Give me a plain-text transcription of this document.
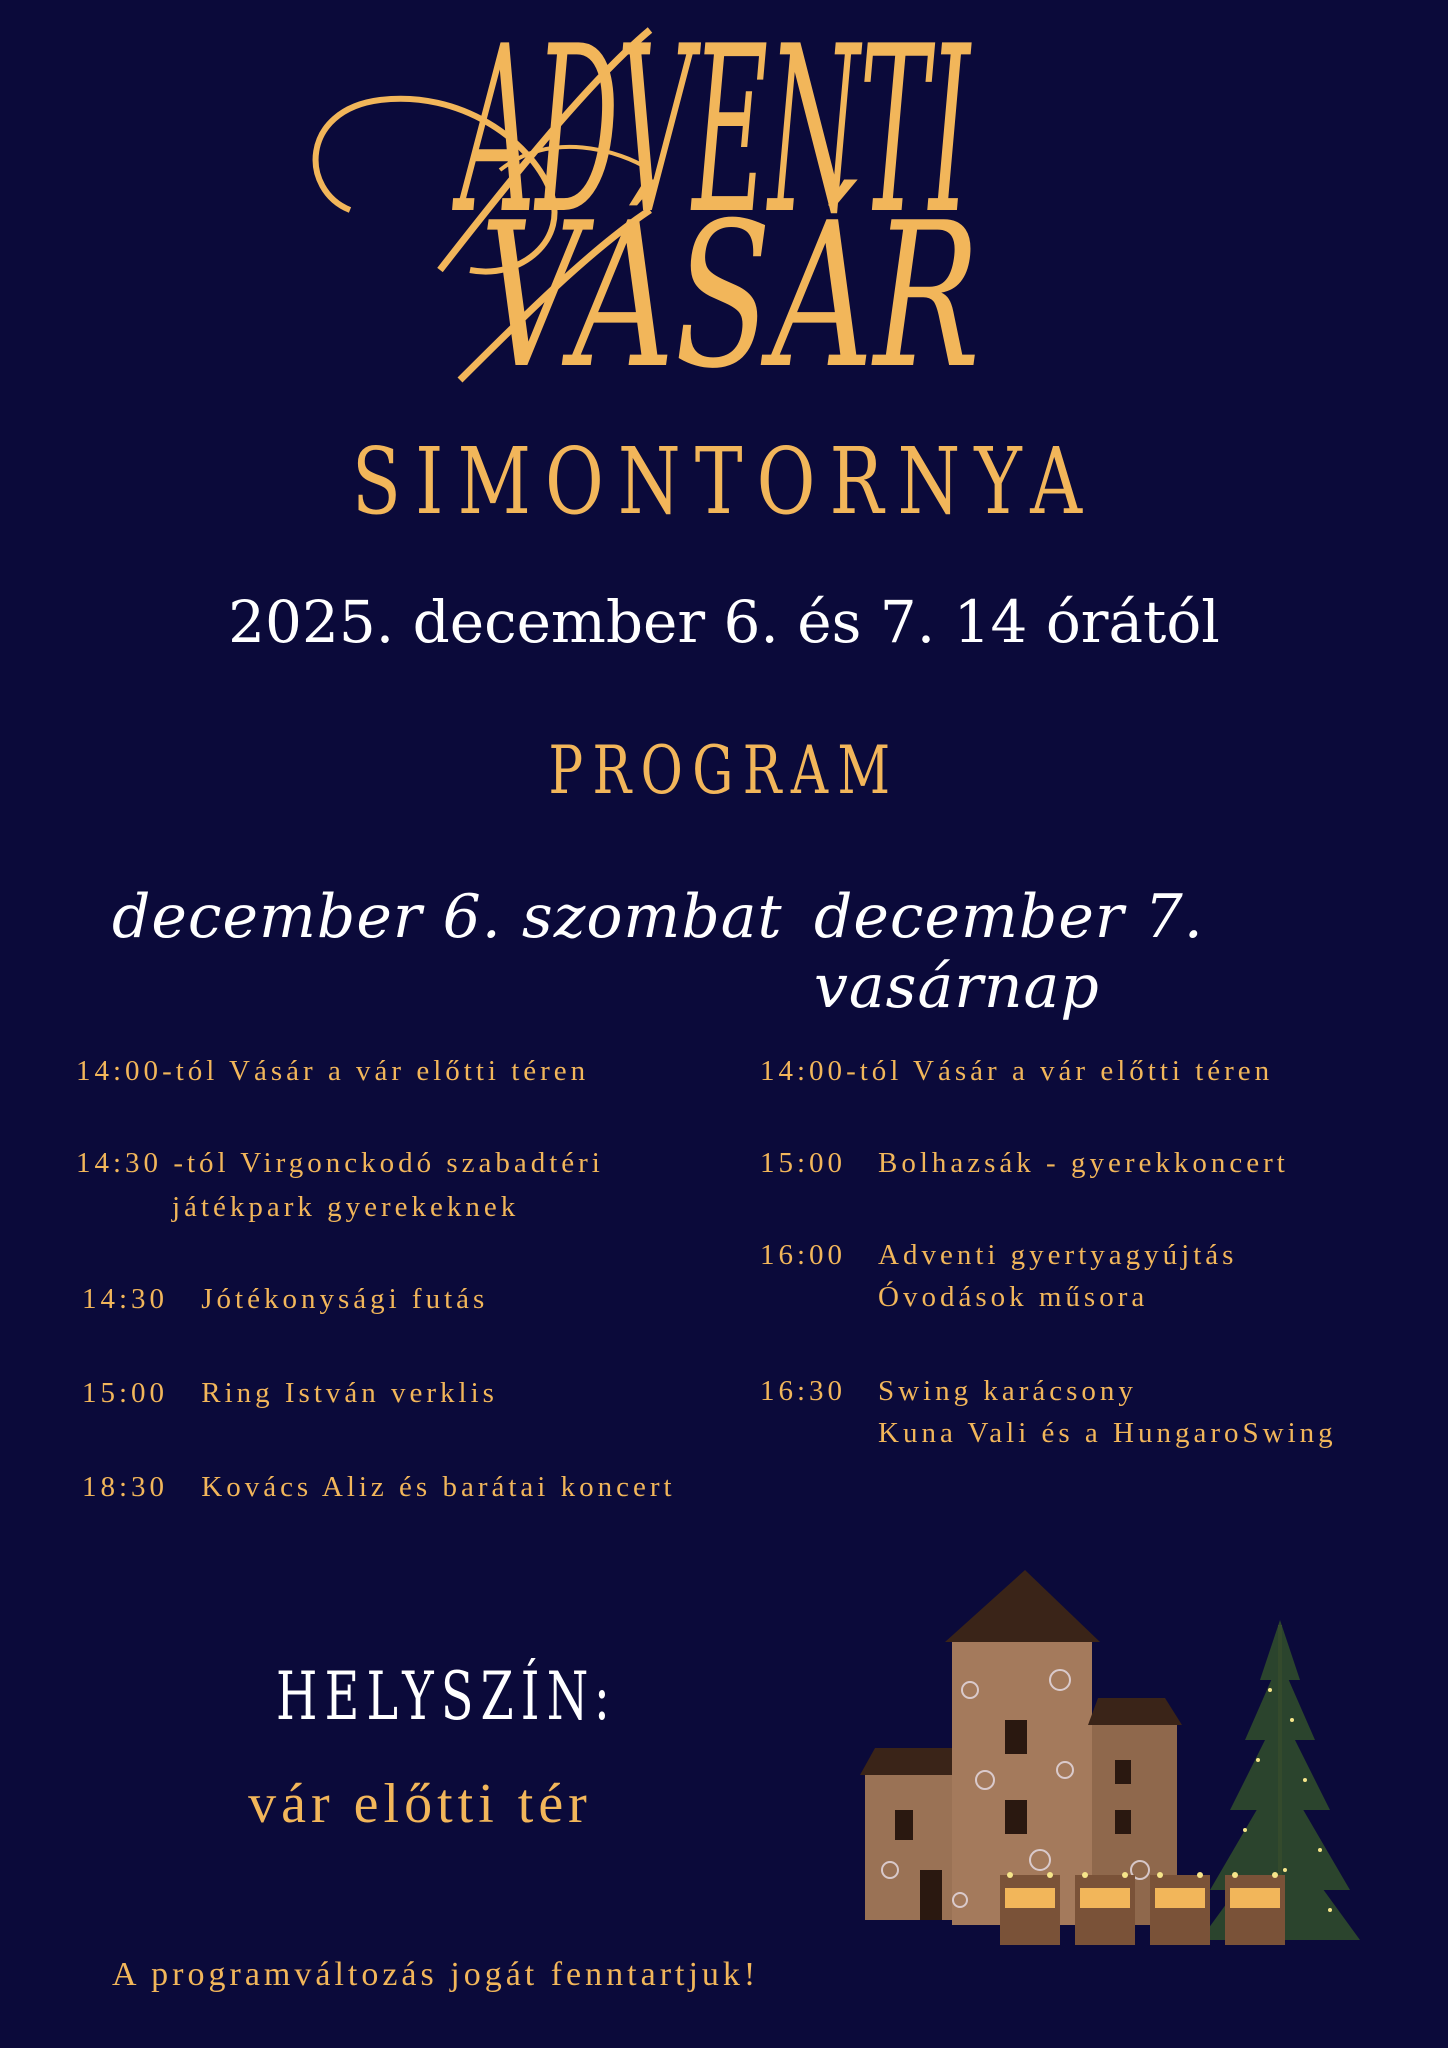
ADVENTI
VÁSÁR
SIMONTORNYA
2025. december 6. és 7. 14 órától
PROGRAM
december 6. szombat december 7. vasárnap
14:00-tól Vásár a vár előtti téren
14:30 -tól Virgonckodó szabadtéri
játékpark gyerekeknek
14:30 Jótékonysági futás
15:00 Ring István verklis
18:30 Kovács Aliz és barátai koncert
14:00-tól Vásár a vár előtti téren
15:00 Bolhazsák - gyerekkoncert
16:00 Adventi gyertyagyújtás
Óvodások műsora
16:30 Swing karácsony
Kuna Vali és a HungaroSwing
HELYSZÍN:
vár előtti tér
A programváltozás jogát fenntartjuk!
